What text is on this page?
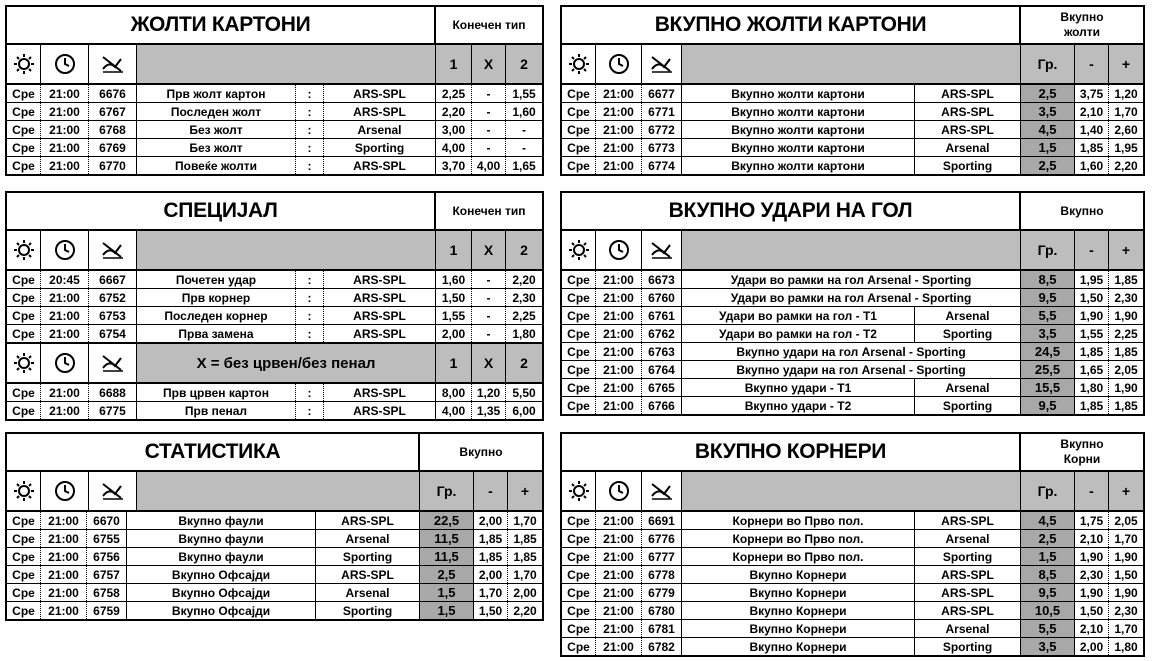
ЖОЛТИ КАРТОНИ	Конечен тип
1	X	2
Сре	21:00	6676	Прв жолт картон	:	ARS-SPL	2,25	-	1,55
Сре	21:00	6767	Последен жолт	:	ARS-SPL	2,20	-	1,60
Сре	21:00	6768	Без жолт	:	Arsenal	3,00	-	-
Сре	21:00	6769	Без жолт	:	Sporting	4,00	-	-
Сре	21:00	6770	Повеќе жолти	:	ARS-SPL	3,70 4,00	1,65
ВКУПНО ЖОЛТИ КАРТОНИ	Вкупно
жолти
Гр.	-	+
Сре	21:00	6677	Вкупно жолти картони	ARS-SPL	2,5	3,75 1,20
Сре	21:00	6771	Вкупно жолти картони	ARS-SPL	3,5	2,10 1,70
Сре	21:00	6772	Вкупно жолти картони	ARS-SPL	4,5	1,40 2,60
Сре	21:00	6773	Вкупно жолти картони	Arsenal	1,5	1,85 1,95
Сре	21:00	6774	Вкупно жолти картони	Sporting	2,5	1,60 2,20
СПЕЦИЈАЛ	Конечен тип
1	X	2
Сре	20:45	6667	Почетен удар	:	ARS-SPL	1,60	-	2,20
Сре	21:00	6752	Прв корнер	:	ARS-SPL	1,50	-	2,30
Сре	21:00	6753	Последен корнер	:	ARS-SPL	1,55	-	2,25
Сре	21:00	6754	Прва замена	:	ARS-SPL	2,00	-	1,80
X = без црвен/без пенал	1	X	2
Сре	21:00	6688	Прв црвен картон	:	ARS-SPL	8,00 1,20	5,50
Сре	21:00	6775	Прв пенал	:	ARS-SPL	4,00 1,35	6,00
ВКУПНО УДАРИ НА ГОЛ	Вкупно
Гр.	-	+
Сре	21:00	6673	Удари во рамки на гол Arsenal - Sporting	8,5	1,95 1,85
Сре	21:00	6760	Удари во рамки на гол Arsenal - Sporting	9,5	1,50 2,30
Сре	21:00	6761	Удари во рамки на гол - Т1	Arsenal	5,5	1,90 1,90
Сре	21:00	6762	Удари во рамки на гол - Т2	Sporting	3,5	1,55 2,25
Сре	21:00	6763	Вкупно удари на гол Arsenal - Sporting	24,5	1,85 1,85
Сре	21:00	6764	Вкупно удари на гол Arsenal - Sporting	25,5	1,65 2,05
Сре	21:00	6765	Вкупно удари - Т1	Arsenal	15,5	1,80 1,90
Сре	21:00	6766	Вкупно удари - Т2	Sporting	9,5	1,85 1,85
СТАТИСТИКА	Вкупно
Гр.	-	+
Сре	21:00	6670	Вкупно фаули	ARS-SPL	22,5	2,00 1,70
Сре	21:00	6755	Вкупно фаули	Arsenal	11,5	1,85 1,85
Сре	21:00	6756	Вкупно фаули	Sporting	11,5	1,85 1,85
Сре	21:00	6757	Вкупно Офсајди	ARS-SPL	2,5	2,00 1,70
Сре	21:00	6758	Вкупно Офсајди	Arsenal	1,5	1,70 2,00
Сре	21:00	6759	Вкупно Офсајди	Sporting	1,5	1,50 2,20
ВКУПНО КОРНЕРИ	Вкупно
Корни
Гр.	-	+
Сре	21:00	6691	Корнери во Прво пол.	ARS-SPL	4,5	1,75 2,05
Сре	21:00	6776	Корнери во Прво пол.	Arsenal	2,5	2,10 1,70
Сре	21:00	6777	Корнери во Прво пол.	Sporting	1,5	1,90 1,90
Сре	21:00	6778	Вкупно Корнери	ARS-SPL	8,5	2,30 1,50
Сре	21:00	6779	Вкупно Корнери	ARS-SPL	9,5	1,90 1,90
Сре	21:00	6780	Вкупно Корнери	ARS-SPL	10,5	1,50 2,30
Сре	21:00	6781	Вкупно Корнери	Arsenal	5,5	2,10 1,70
Сре	21:00	6782	Вкупно Корнери	Sporting	3,5	2,00 1,80
